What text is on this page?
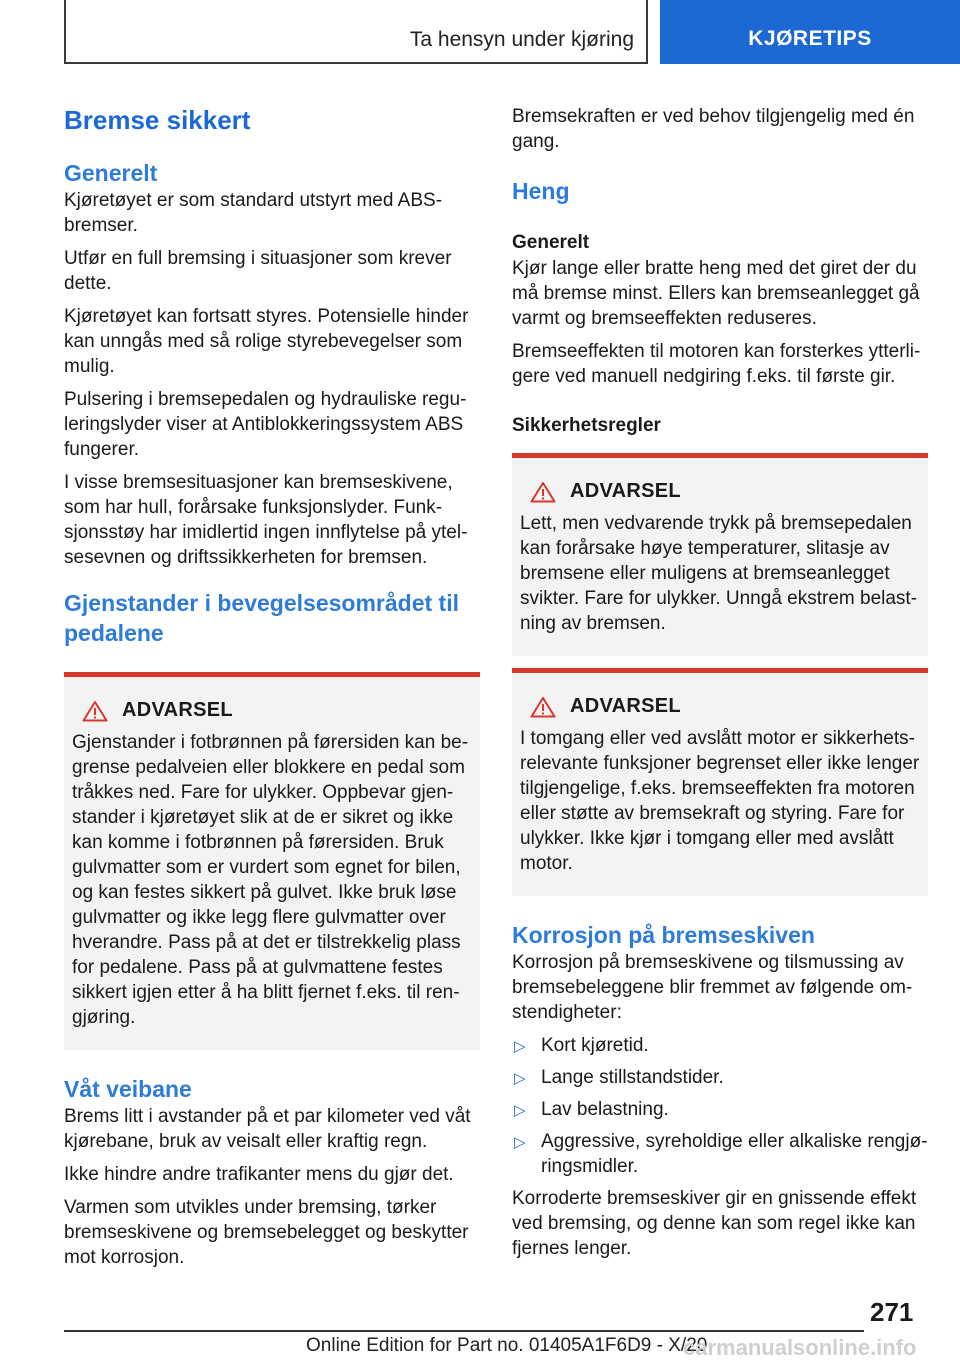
Ta hensyn under kjøring	KJØRETIPS
Bremse sikkert
Generelt

Kjøretøyet er som standard utstyrt med ABS-bremser.

Utfør en full bremsing i situasjoner som krever dette.

Kjøretøyet kan fortsatt styres. Potensielle hinder kan unngås med så rolige styrebevegelser som mulig.

Pulsering i bremsepedalen og hydrauliske reguleringslyder viser at Antiblokkeringssystem ABS fungerer.

I visse bremsesituasjoner kan bremseskivene, som har hull, forårsake funksjonslyder. Funksjonsstøy har imidlertid ingen innflytelse på ytelsesevnen og driftssikkerheten for bremsen.

Gjenstander i bevegelsesområdet til pedalene
ADVARSEL

Gjenstander i fotbrønnen på førersiden kan begrense pedalveien eller blokkere en pedal som tråkkes ned. Fare for ulykker. Oppbevar gjenstander i kjøretøyet slik at de er sikret og ikke kan komme i fotbrønnen på førersiden. Bruk gulvmatter som er vurdert som egnet for bilen, og kan festes sikkert på gulvet. Ikke bruk løse gulvmatter og ikke legg flere gulvmatter over hverandre. Pass på at det er tilstrekkelig plass for pedalene. Pass på at gulvmattene festes sikkert igjen etter å ha blitt fjernet f.eks. til rengjøring.

Våt veibane

Brems litt i avstander på et par kilometer ved våt kjørebane, bruk av veisalt eller kraftig regn.

Ikke hindre andre trafikanter mens du gjør det.

Varmen som utvikles under bremsing, tørker bremseskivene og bremsebelegget og beskytter mot korrosjon.

Bremsekraften er ved behov tilgjengelig med én gang.

Heng
Generelt

Kjør lange eller bratte heng med det giret der du må bremse minst. Ellers kan bremseanlegget gå varmt og bremseeffekten reduseres.

Bremseeffekten til motoren kan forsterkes ytterligere ved manuell nedgiring f.eks. til første gir.

Sikkerhetsregler
ADVARSEL

Lett, men vedvarende trykk på bremsepedalen kan forårsake høye temperaturer, slitasje av bremsene eller muligens at bremseanlegget svikter. Fare for ulykker. Unngå ekstrem belastning av bremsen.

ADVARSEL

I tomgang eller ved avslått motor er sikkerhetsrelevante funksjoner begrenset eller ikke lenger tilgjengelige, f.eks. bremseeffekten fra motoren eller støtte av bremsekraft og styring. Fare for ulykker. Ikke kjør i tomgang eller med avslått motor.

Korrosjon på bremseskiven

Korrosjon på bremseskivene og tilsmussing av bremsebeleggene blir fremmet av følgende omstendigheter:

▷ Kort kjøretid.
▷ Lange stillstandstider.
▷ Lav belastning.
▷ Aggressive, syreholdige eller alkaliske rengjøringsmidler.

Korroderte bremseskiver gir en gnissende effekt ved bremsing, og denne kan som regel ikke kan fjernes lenger.

271
Online Edition for Part no. 01405A1F6D9 - X/20
carmanualsonline.info
